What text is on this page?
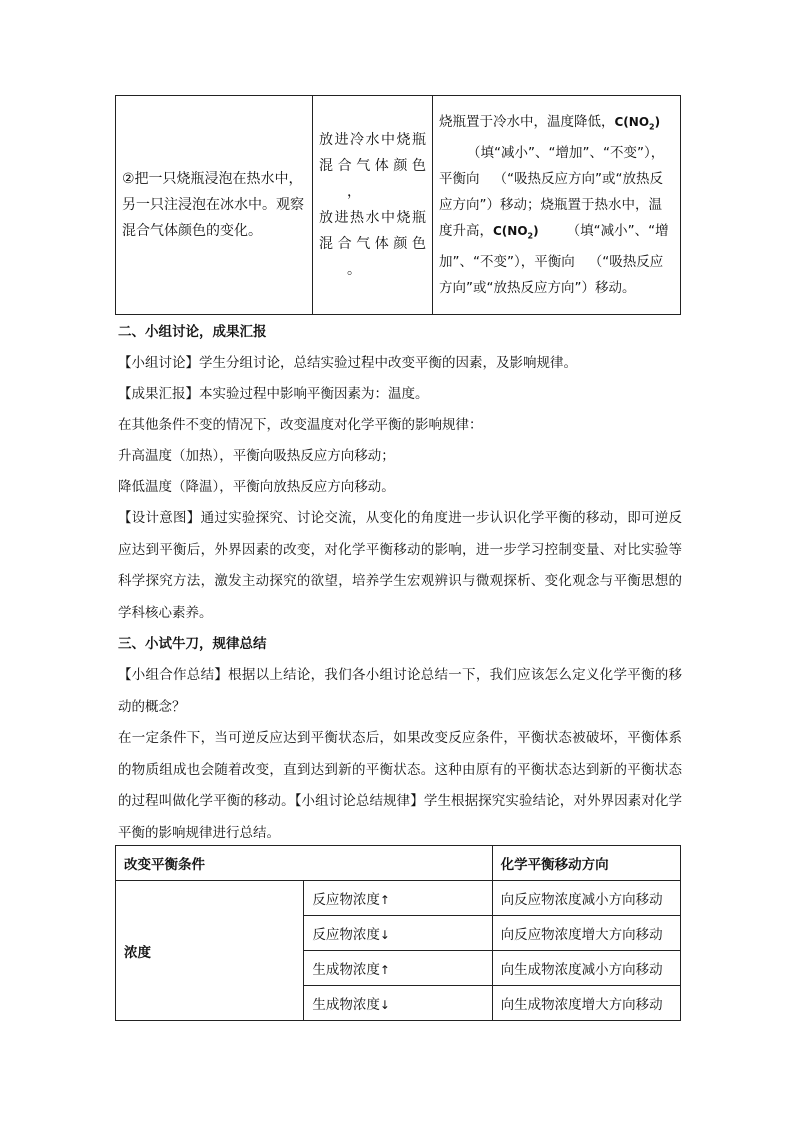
②把一只烧瓶浸泡在热水中，另一只注浸泡在冰水中。观察混合气体颜色的变化。	放进冷水中烧瓶混合气体颜色，
放进热水中烧瓶混合气体颜色。	烧瓶置于冷水中，温度降低，$C(NO_2)$（填“减小”、“增加”、“不变”），平衡向 （“吸热反应方向”或“放热反应方向”）移动；烧瓶置于热水中，温度升高，$C(NO_2)$ （填“减小”、“增加”、“不变”），平衡向 （“吸热反应方向”或“放热反应方向”）移动。
二、小组讨论，成果汇报
【小组讨论】学生分组讨论，总结实验过程中改变平衡的因素，及影响规律。
【成果汇报】本实验过程中影响平衡因素为：温度。
在其他条件不变的情况下，改变温度对化学平衡的影响规律：
升高温度（加热），平衡向吸热反应方向移动；
降低温度（降温），平衡向放热反应方向移动。
【设计意图】通过实验探究、讨论交流，从变化的角度进一步认识化学平衡的移动，即可逆反应达到平衡后，外界因素的改变，对化学平衡移动的影响，进一步学习控制变量、对比实验等科学探究方法，激发主动探究的欲望，培养学生宏观辨识与微观探析、变化观念与平衡思想的学科核心素养。
三、小试牛刀，规律总结
【小组合作总结】根据以上结论，我们各小组讨论总结一下，我们应该怎么定义化学平衡的移动的概念？
在一定条件下，当可逆反应达到平衡状态后，如果改变反应条件，平衡状态被破坏，平衡体系的物质组成也会随着改变，直到达到新的平衡状态。这种由原有的平衡状态达到新的平衡状态的过程叫做化学平衡的移动。【小组讨论总结规律】学生根据探究实验结论，对外界因素对化学平衡的影响规律进行总结。
改变平衡条件		化学平衡移动方向
浓度	反应物浓度↑	向反应物浓度减小方向移动
	反应物浓度↓	向反应物浓度增大方向移动
	生成物浓度↑	向生成物浓度减小方向移动
	生成物浓度↓	向生成物浓度增大方向移动
